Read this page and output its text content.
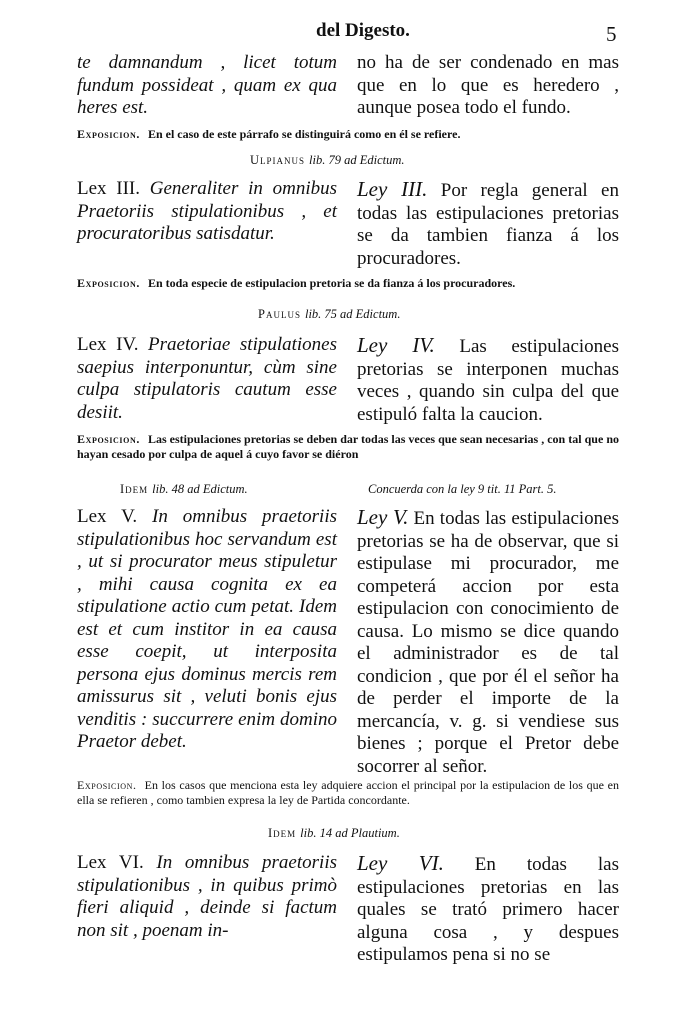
del Digesto.	5
te damnandum , licet totum fundum possideat , quam ex qua heres est.
no ha de ser condenado en mas que en lo que es heredero , aunque posea todo el fundo.
Exposicion. En el caso de este párrafo se distinguirá como en él se refiere.
Ulpianus lib. 79 ad Edictum.
Lex III. Generaliter in omnibus Praetoriis stipulationibus , et procuratoribus satisdatur.
Ley III. Por regla general en todas las estipulaciones pretorias se da tambien fianza á los procuradores.
Exposicion. En toda especie de estipulacion pretoria se da fianza á los procuradores.
Paulus lib. 75 ad Edictum.
Lex IV. Praetoriae stipulationes saepius interponuntur, cùm sine culpa stipulatoris cautum esse desiit.
Ley IV. Las estipulaciones pretorias se interponen muchas veces , quando sin culpa del que estipuló falta la caucion.
Exposicion. Las estipulaciones pretorias se deben dar todas las veces que sean necesarias , con tal que no hayan cesado por culpa de aquel á cuyo favor se diéron
Idem lib. 48 ad Edictum.	Concuerda con la ley 9 tit. 11 Part. 5.
Lex V. In omnibus praetoriis stipulationibus hoc servandum est , ut si procurator meus stipuletur , mihi causa cognita ex ea stipulatione actio cum petat. Idem est et cum institor in ea causa esse coepit, ut interposita persona ejus dominus mercis rem amissurus sit , veluti bonis ejus venditis : succurrere enim domino Praetor debet.
Ley V. En todas las estipulaciones pretorias se ha de observar, que si estipulase mi procurador, me competerá accion por esta estipulacion con conocimiento de causa. Lo mismo se dice quando el administrador es de tal condicion , que por él el señor ha de perder el importe de la mercancía, v. g. si vendiese sus bienes ; porque el Pretor debe socorrer al señor.
Exposicion. En los casos que menciona esta ley adquiere accion el principal por la estipulacion de los que en ella se refieren , como tambien expresa la ley de Partida concordante.
Idem lib. 14 ad Plautium.
Lex VI. In omnibus praetoriis stipulationibus , in quibus primò fieri aliquid , deinde si factum non sit , poenam in-
Ley VI. En todas las estipulaciones pretorias en las quales se trató primero hacer alguna cosa , y despues estipulamos pena si no se
